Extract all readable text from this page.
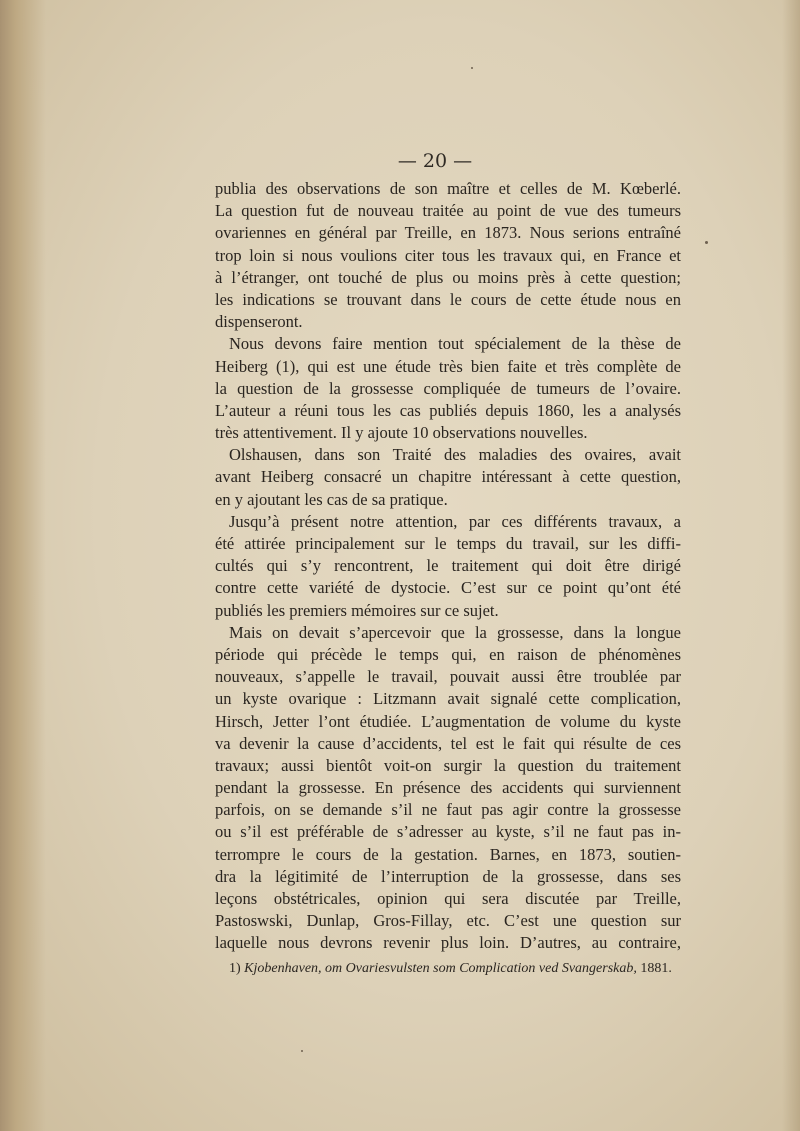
— 20 —
publia des observations de son maître et celles de M. Kœberlé.
La question fut de nouveau traitée au point de vue des tumeurs
ovariennes en général par Treille, en 1873. Nous serions entraîné
trop loin si nous voulions citer tous les travaux qui, en France et
à l’étranger, ont touché de plus ou moins près à cette question;
les indications se trouvant dans le cours de cette étude nous en
dispenseront.
Nous devons faire mention tout spécialement de la thèse de
Heiberg (1), qui est une étude très bien faite et très complète de
la question de la grossesse compliquée de tumeurs de l’ovaire.
L’auteur a réuni tous les cas publiés depuis 1860, les a analysés
très attentivement. Il y ajoute 10 observations nouvelles.
Olshausen, dans son Traité des maladies des ovaires, avait
avant Heiberg consacré un chapitre intéressant à cette question,
en y ajoutant les cas de sa pratique.
Jusqu’à présent notre attention, par ces différents travaux, a
été attirée principalement sur le temps du travail, sur les diffi-
cultés qui s’y rencontrent, le traitement qui doit être dirigé
contre cette variété de dystocie. C’est sur ce point qu’ont été
publiés les premiers mémoires sur ce sujet.
Mais on devait s’apercevoir que la grossesse, dans la longue
période qui précède le temps qui, en raison de phénomènes
nouveaux, s’appelle le travail, pouvait aussi être troublée par
un kyste ovarique : Litzmann avait signalé cette complication,
Hirsch, Jetter l’ont étudiée. L’augmentation de volume du kyste
va devenir la cause d’accidents, tel est le fait qui résulte de ces
travaux; aussi bientôt voit-on surgir la question du traitement
pendant la grossesse. En présence des accidents qui surviennent
parfois, on se demande s’il ne faut pas agir contre la grossesse
ou s’il est préférable de s’adresser au kyste, s’il ne faut pas in-
terrompre le cours de la gestation. Barnes, en 1873, soutien-
dra la légitimité de l’interruption de la grossesse, dans ses
leçons obstétricales, opinion qui sera discutée par Treille,
Pastoswski, Dunlap, Gros-Fillay, etc. C’est une question sur
laquelle nous devrons revenir plus loin. D’autres, au contraire,
1) Kjobenhaven, om Ovariesvulsten som Complication ved Svangerskab, 1881.
